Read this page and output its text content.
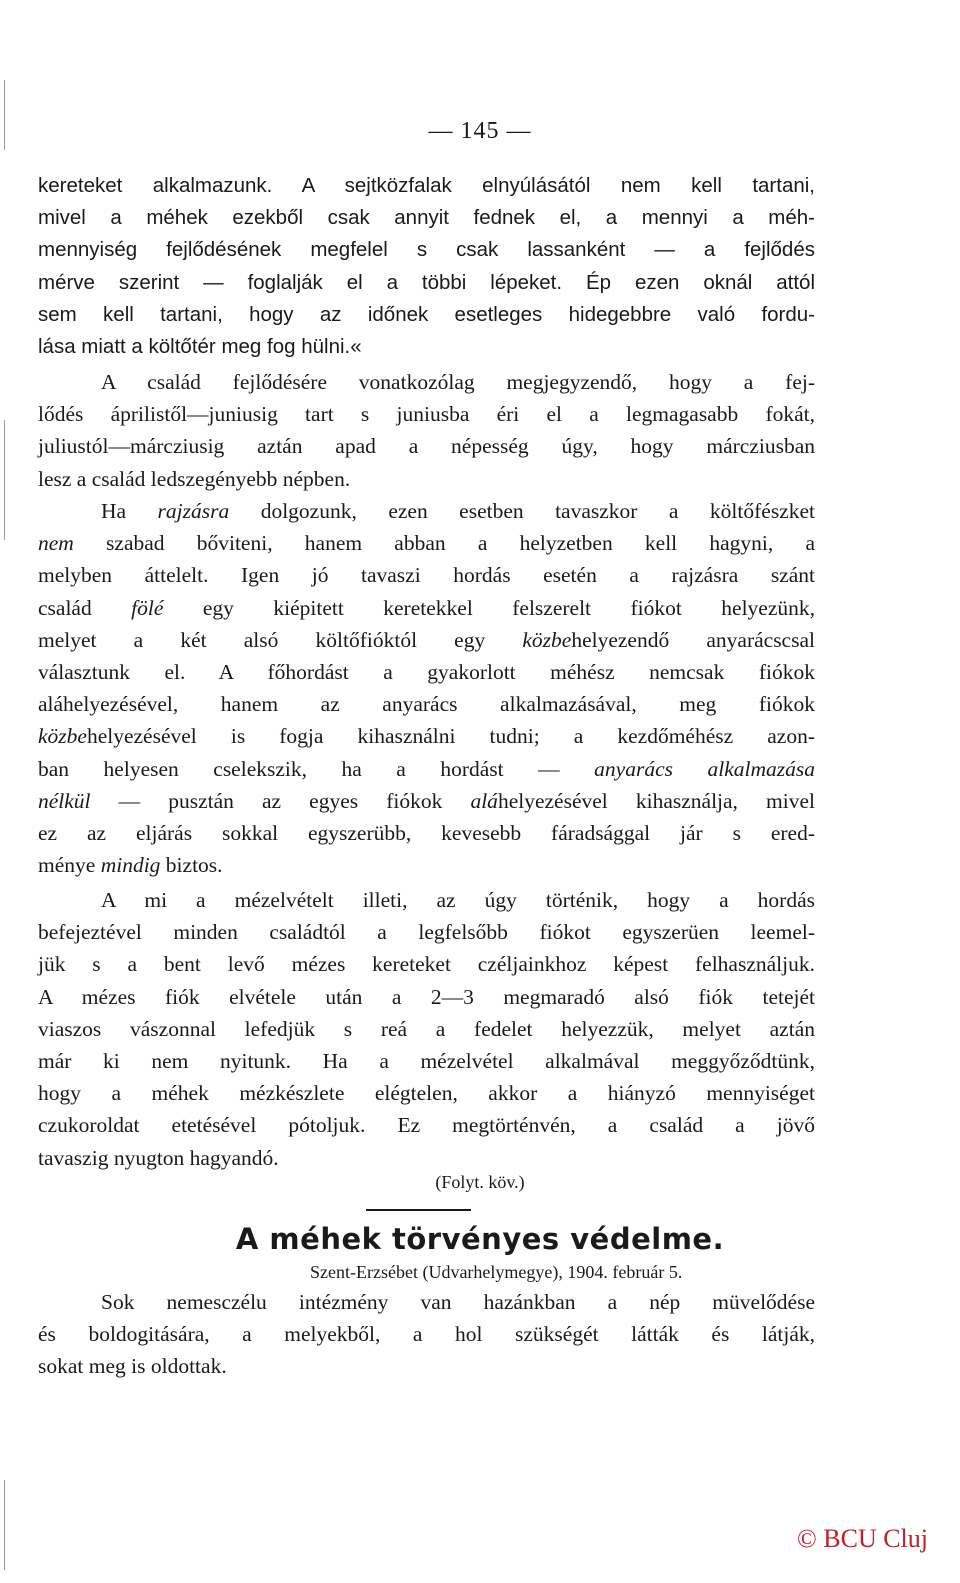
— 145 —
kereteket alkalmazunk. A sejtközfalak elnyúlásától nem kell tartani,
mivel a méhek ezekből csak annyit fednek el, a mennyi a méh-
mennyiség fejlődésének megfelel s csak lassanként — a fejlődés
mérve szerint — foglalják el a többi lépeket. Ép ezen oknál attól
sem kell tartani, hogy az időnek esetleges hidegebbre való fordu-
lása miatt a költőtér meg fog hülni.«
A család fejlődésére vonatkozólag megjegyzendő, hogy a fej-
lődés áprilistől—juniusig tart s juniusba éri el a legmagasabb fokát,
juliustól—márcziusig aztán apad a népesség úgy, hogy márcziusban
lesz a család ledszegényebb népben.
Ha rajzásra dolgozunk, ezen esetben tavaszkor a költőfészket
nem szabad bőviteni, hanem abban a helyzetben kell hagyni, a
melyben áttelelt. Igen jó tavaszi hordás esetén a rajzásra szánt
család fölé egy kiépitett keretekkel felszerelt fiókot helyezünk,
melyet a két alsó költőfióktól egy közbehelyezendő anyarácscsal
választunk el. A főhordást a gyakorlott méhész nemcsak fiókok
aláhelyezésével, hanem az anyarács alkalmazásával, meg fiókok
közbehelyezésével is fogja kihasználni tudni; a kezdőméhész azon-
ban helyesen cselekszik, ha a hordást — anyarács alkalmazása
nélkül — pusztán az egyes fiókok aláhelyezésével kihasználja, mivel
ez az eljárás sokkal egyszerübb, kevesebb fáradsággal jár s ered-
ménye mindig biztos.
A mi a mézelvételt illeti, az úgy történik, hogy a hordás
befejeztével minden családtól a legfelsőbb fiókot egyszerüen leemel-
jük s a bent levő mézes kereteket czéljainkhoz képest felhasználjuk.
A mézes fiók elvétele után a 2—3 megmaradó alsó fiók tetejét
viaszos vászonnal lefedjük s reá a fedelet helyezzük, melyet aztán
már ki nem nyitunk. Ha a mézelvétel alkalmával meggyőződtünk,
hogy a méhek mézkészlete elégtelen, akkor a hiányzó mennyiséget
czukoroldat etetésével pótoljuk. Ez megtörténvén, a család a jövő
tavaszig nyugton hagyandó.
(Folyt. köv.)
A méhek törvényes védelme.
Szent-Erzsébet (Udvarhelymegye), 1904. február 5.
Sok nemesczélu intézmény van hazánkban a nép müvelődése
és boldogitására, a melyekből, a hol szükségét látták és látják,
sokat meg is oldottak.
© BCU Cluj
